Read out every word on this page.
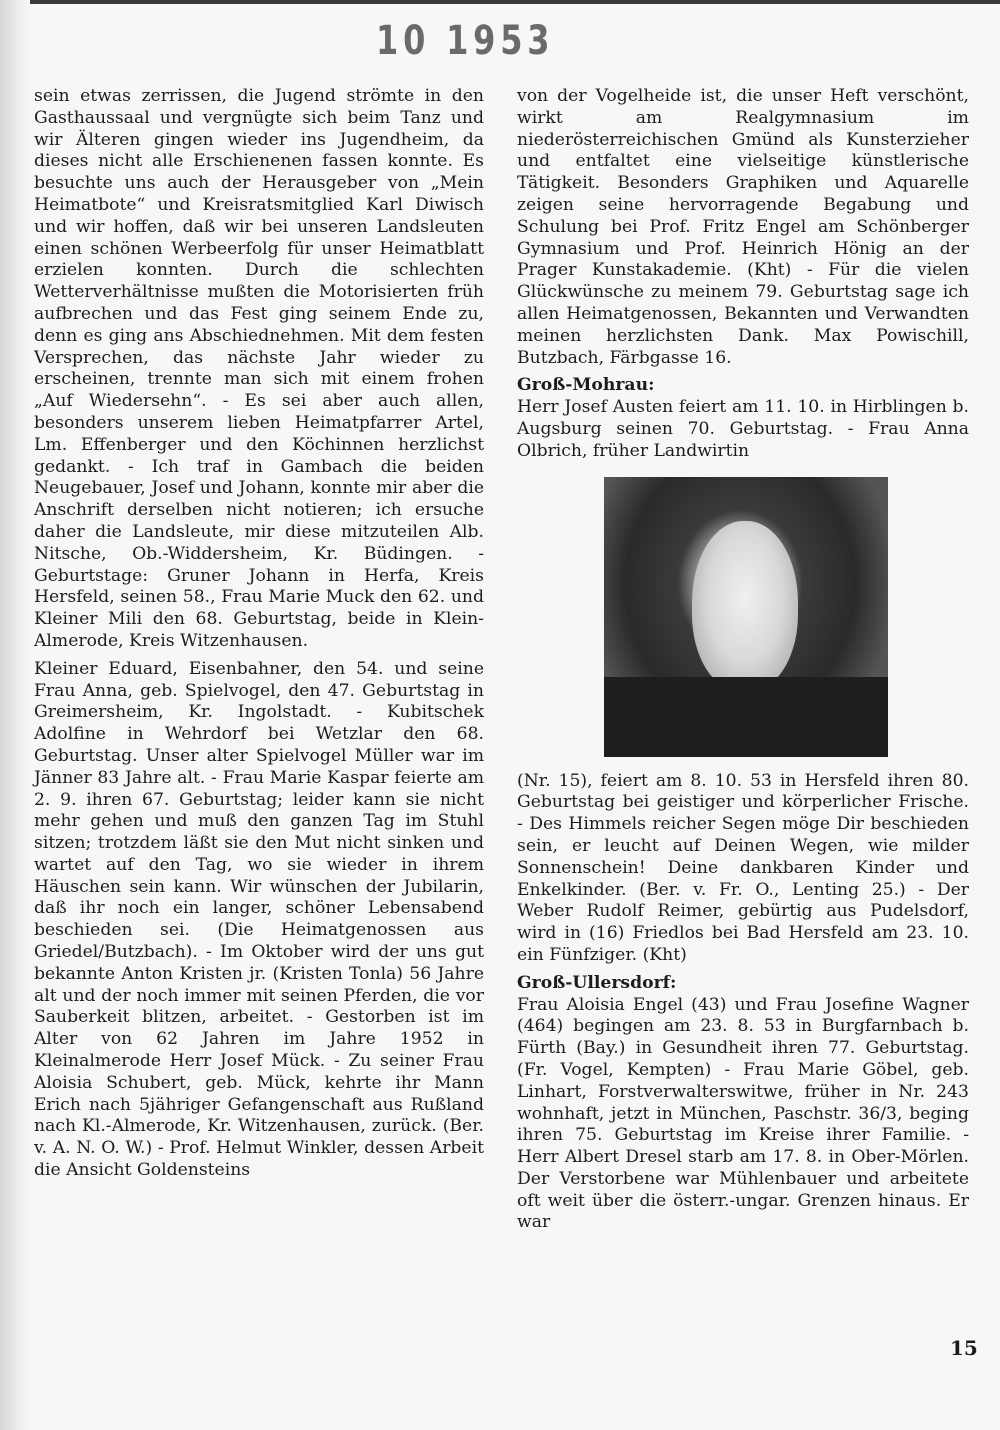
10 1953

sein etwas zerrissen, die Jugend strömte in den Gasthaussaal und vergnügte sich beim Tanz und wir Älteren gingen wieder ins Jugendheim, da dieses nicht alle Erschienenen fassen konnte. Es besuchte uns auch der Herausgeber von „Mein Heimatbote“ und Kreisratsmitglied Karl Diwisch und wir hoffen, daß wir bei unseren Landsleuten einen schönen Werbeerfolg für unser Heimatblatt erzielen konnten. Durch die schlechten Wetterverhältnisse mußten die Motorisierten früh aufbrechen und das Fest ging seinem Ende zu, denn es ging ans Abschiednehmen. Mit dem festen Versprechen, das nächste Jahr wieder zu erscheinen, trennte man sich mit einem frohen „Auf Wiedersehn“. - Es sei aber auch allen, besonders unserem lieben Heimatpfarrer Artel, Lm. Effenberger und den Köchinnen herzlichst gedankt. - Ich traf in Gambach die beiden Neugebauer, Josef und Johann, konnte mir aber die Anschrift derselben nicht notieren; ich ersuche daher die Landsleute, mir diese mitzuteilen Alb. Nitsche, Ob.-Widdersheim, Kr. Büdingen. - Geburtstage: Gruner Johann in Herfa, Kreis Hersfeld, seinen 58., Frau Marie Muck den 62. und Kleiner Mili den 68. Geburtstag, beide in Klein-Almerode, Kreis Witzenhausen.

Kleiner Eduard, Eisenbahner, den 54. und seine Frau Anna, geb. Spielvogel, den 47. Geburtstag in Greimersheim, Kr. Ingolstadt. - Kubitschek Adolfine in Wehrdorf bei Wetzlar den 68. Geburtstag. Unser alter Spielvogel Müller war im Jänner 83 Jahre alt. - Frau Marie Kaspar feierte am 2. 9. ihren 67. Geburtstag; leider kann sie nicht mehr gehen und muß den ganzen Tag im Stuhl sitzen; trotzdem läßt sie den Mut nicht sinken und wartet auf den Tag, wo sie wieder in ihrem Häuschen sein kann. Wir wünschen der Jubilarin, daß ihr noch ein langer, schöner Lebensabend beschieden sei. (Die Heimatgenossen aus Griedel/Butzbach). - Im Oktober wird der uns gut bekannte Anton Kristen jr. (Kristen Tonla) 56 Jahre alt und der noch immer mit seinen Pferden, die vor Sauberkeit blitzen, arbeitet. - Gestorben ist im Alter von 62 Jahren im Jahre 1952 in Kleinalmerode Herr Josef Mück. - Zu seiner Frau Aloisia Schubert, geb. Mück, kehrte ihr Mann Erich nach 5jähriger Gefangenschaft aus Rußland nach Kl.-Almerode, Kr. Witzenhausen, zurück. (Ber. v. A. N. O. W.) - Prof. Helmut Winkler, dessen Arbeit die Ansicht Goldensteins

von der Vogelheide ist, die unser Heft verschönt, wirkt am Realgymnasium im niederösterreichischen Gmünd als Kunsterzieher und entfaltet eine vielseitige künstlerische Tätigkeit. Besonders Graphiken und Aquarelle zeigen seine hervorragende Begabung und Schulung bei Prof. Fritz Engel am Schönberger Gymnasium und Prof. Heinrich Hönig an der Prager Kunstakademie. (Kht) - Für die vielen Glückwünsche zu meinem 79. Geburtstag sage ich allen Heimatgenossen, Bekannten und Verwandten meinen herzlichsten Dank. Max Powischill, Butzbach, Färbgasse 16.

Groß-Mohrau:

Herr Josef Austen feiert am 11. 10. in Hirblingen b. Augsburg seinen 70. Geburtstag. - Frau Anna Olbrich, früher Landwirtin

(Nr. 15), feiert am 8. 10. 53 in Hersfeld ihren 80. Geburtstag bei geistiger und körperlicher Frische. - Des Himmels reicher Segen möge Dir beschieden sein, er leucht auf Deinen Wegen, wie milder Sonnenschein! Deine dankbaren Kinder und Enkelkinder. (Ber. v. Fr. O., Lenting 25.) - Der Weber Rudolf Reimer, gebürtig aus Pudelsdorf, wird in (16) Friedlos bei Bad Hersfeld am 23. 10. ein Fünfziger. (Kht)

Groß-Ullersdorf:

Frau Aloisia Engel (43) und Frau Josefine Wagner (464) begingen am 23. 8. 53 in Burgfarnbach b. Fürth (Bay.) in Gesundheit ihren 77. Geburtstag. (Fr. Vogel, Kempten) - Frau Marie Göbel, geb. Linhart, Forstverwalterswitwe, früher in Nr. 243 wohnhaft, jetzt in München, Paschstr. 36/3, beging ihren 75. Geburtstag im Kreise ihrer Familie. - Herr Albert Dresel starb am 17. 8. in Ober-Mörlen. Der Verstorbene war Mühlenbauer und arbeitete oft weit über die österr.-ungar. Grenzen hinaus. Er war

15
